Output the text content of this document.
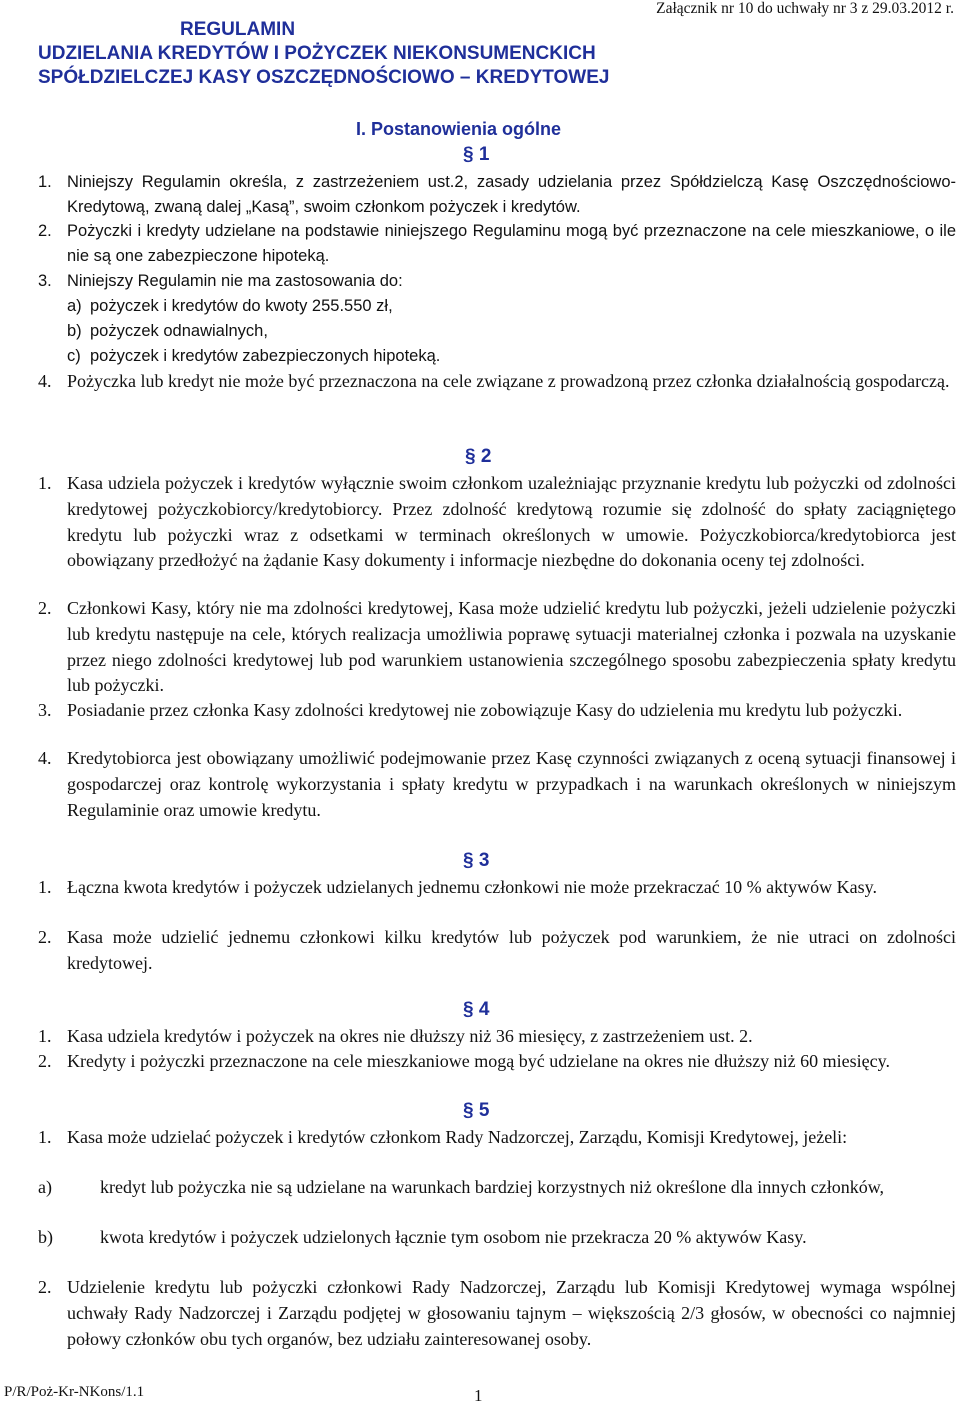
Załącznik nr 10 do uchwały nr 3 z 29.03.2012 r.
REGULAMIN
UDZIELANIA KREDYTÓW I POŻYCZEK NIEKONSUMENCKICH
SPÓŁDZIELCZEJ KASY OSZCZĘDNOŚCIOWO – KREDYTOWEJ
I. Postanowienia ogólne
§ 1
1. Niniejszy Regulamin określa, z zastrzeżeniem ust.2, zasady udzielania przez Spółdzielczą Kasę Oszczędnościowo-Kredytową, zwaną dalej „Kasą”, swoim członkom pożyczek i kredytów.
2. Pożyczki i kredyty udzielane na podstawie niniejszego Regulaminu mogą być przeznaczone na cele mieszkaniowe, o ile nie są one zabezpieczone hipoteką.
3. Niniejszy Regulamin nie ma zastosowania do:
a) pożyczek i kredytów do kwoty 255.550 zł,
b) pożyczek odnawialnych,
c) pożyczek i kredytów zabezpieczonych hipoteką.
4. Pożyczka lub kredyt nie może być przeznaczona na cele związane z prowadzoną przez członka działalnością gospodarczą.
§ 2
1. Kasa udziela pożyczek i kredytów wyłącznie swoim członkom uzależniając przyznanie kredytu lub pożyczki od zdolności kredytowej pożyczkobiorcy/kredytobiorcy. Przez zdolność kredytową rozumie się zdolność do spłaty zaciągniętego kredytu lub pożyczki wraz z odsetkami w terminach określonych w umowie. Pożyczkobiorca/kredytobiorca jest obowiązany przedłożyć na żądanie Kasy dokumenty i informacje niezbędne do dokonania oceny tej zdolności.
2. Członkowi Kasy, który nie ma zdolności kredytowej, Kasa może udzielić kredytu lub pożyczki, jeżeli udzielenie pożyczki lub kredytu następuje na cele, których realizacja umożliwia poprawę sytuacji materialnej członka i pozwala na uzyskanie przez niego zdolności kredytowej lub pod warunkiem ustanowienia szczególnego sposobu zabezpieczenia spłaty kredytu lub pożyczki.
3. Posiadanie przez członka Kasy zdolności kredytowej nie zobowiązuje Kasy do udzielenia mu kredytu lub pożyczki.
4. Kredytobiorca jest obowiązany umożliwić podejmowanie przez Kasę czynności związanych z oceną sytuacji finansowej i gospodarczej oraz kontrolę wykorzystania i spłaty kredytu w przypadkach i na warunkach określonych w niniejszym Regulaminie oraz umowie kredytu.
§ 3
1. Łączna kwota kredytów i pożyczek udzielanych jednemu członkowi nie może przekraczać 10 % aktywów Kasy.
2. Kasa może udzielić jednemu członkowi kilku kredytów lub pożyczek pod warunkiem, że nie utraci on zdolności kredytowej.
§ 4
1. Kasa udziela kredytów i pożyczek na okres nie dłuższy niż 36 miesięcy, z zastrzeżeniem ust. 2.
2. Kredyty i pożyczki przeznaczone na cele mieszkaniowe mogą być udzielane na okres nie dłuższy niż 60 miesięcy.
§ 5
1. Kasa może udzielać pożyczek i kredytów członkom Rady Nadzorczej, Zarządu, Komisji Kredytowej, jeżeli:
a)	kredyt lub pożyczka nie są udzielane na warunkach bardziej korzystnych niż określone dla innych członków,
b)	kwota kredytów i pożyczek udzielonych łącznie tym osobom nie przekracza 20 % aktywów Kasy.
2. Udzielenie kredytu lub pożyczki członkowi Rady Nadzorczej, Zarządu lub Komisji Kredytowej wymaga wspólnej uchwały Rady Nadzorczej i Zarządu podjętej w głosowaniu tajnym – większością 2/3 głosów, w obecności co najmniej połowy członków obu tych organów, bez udziału zainteresowanej osoby.
P/R/Poż-Kr-NKons/1.1	1
